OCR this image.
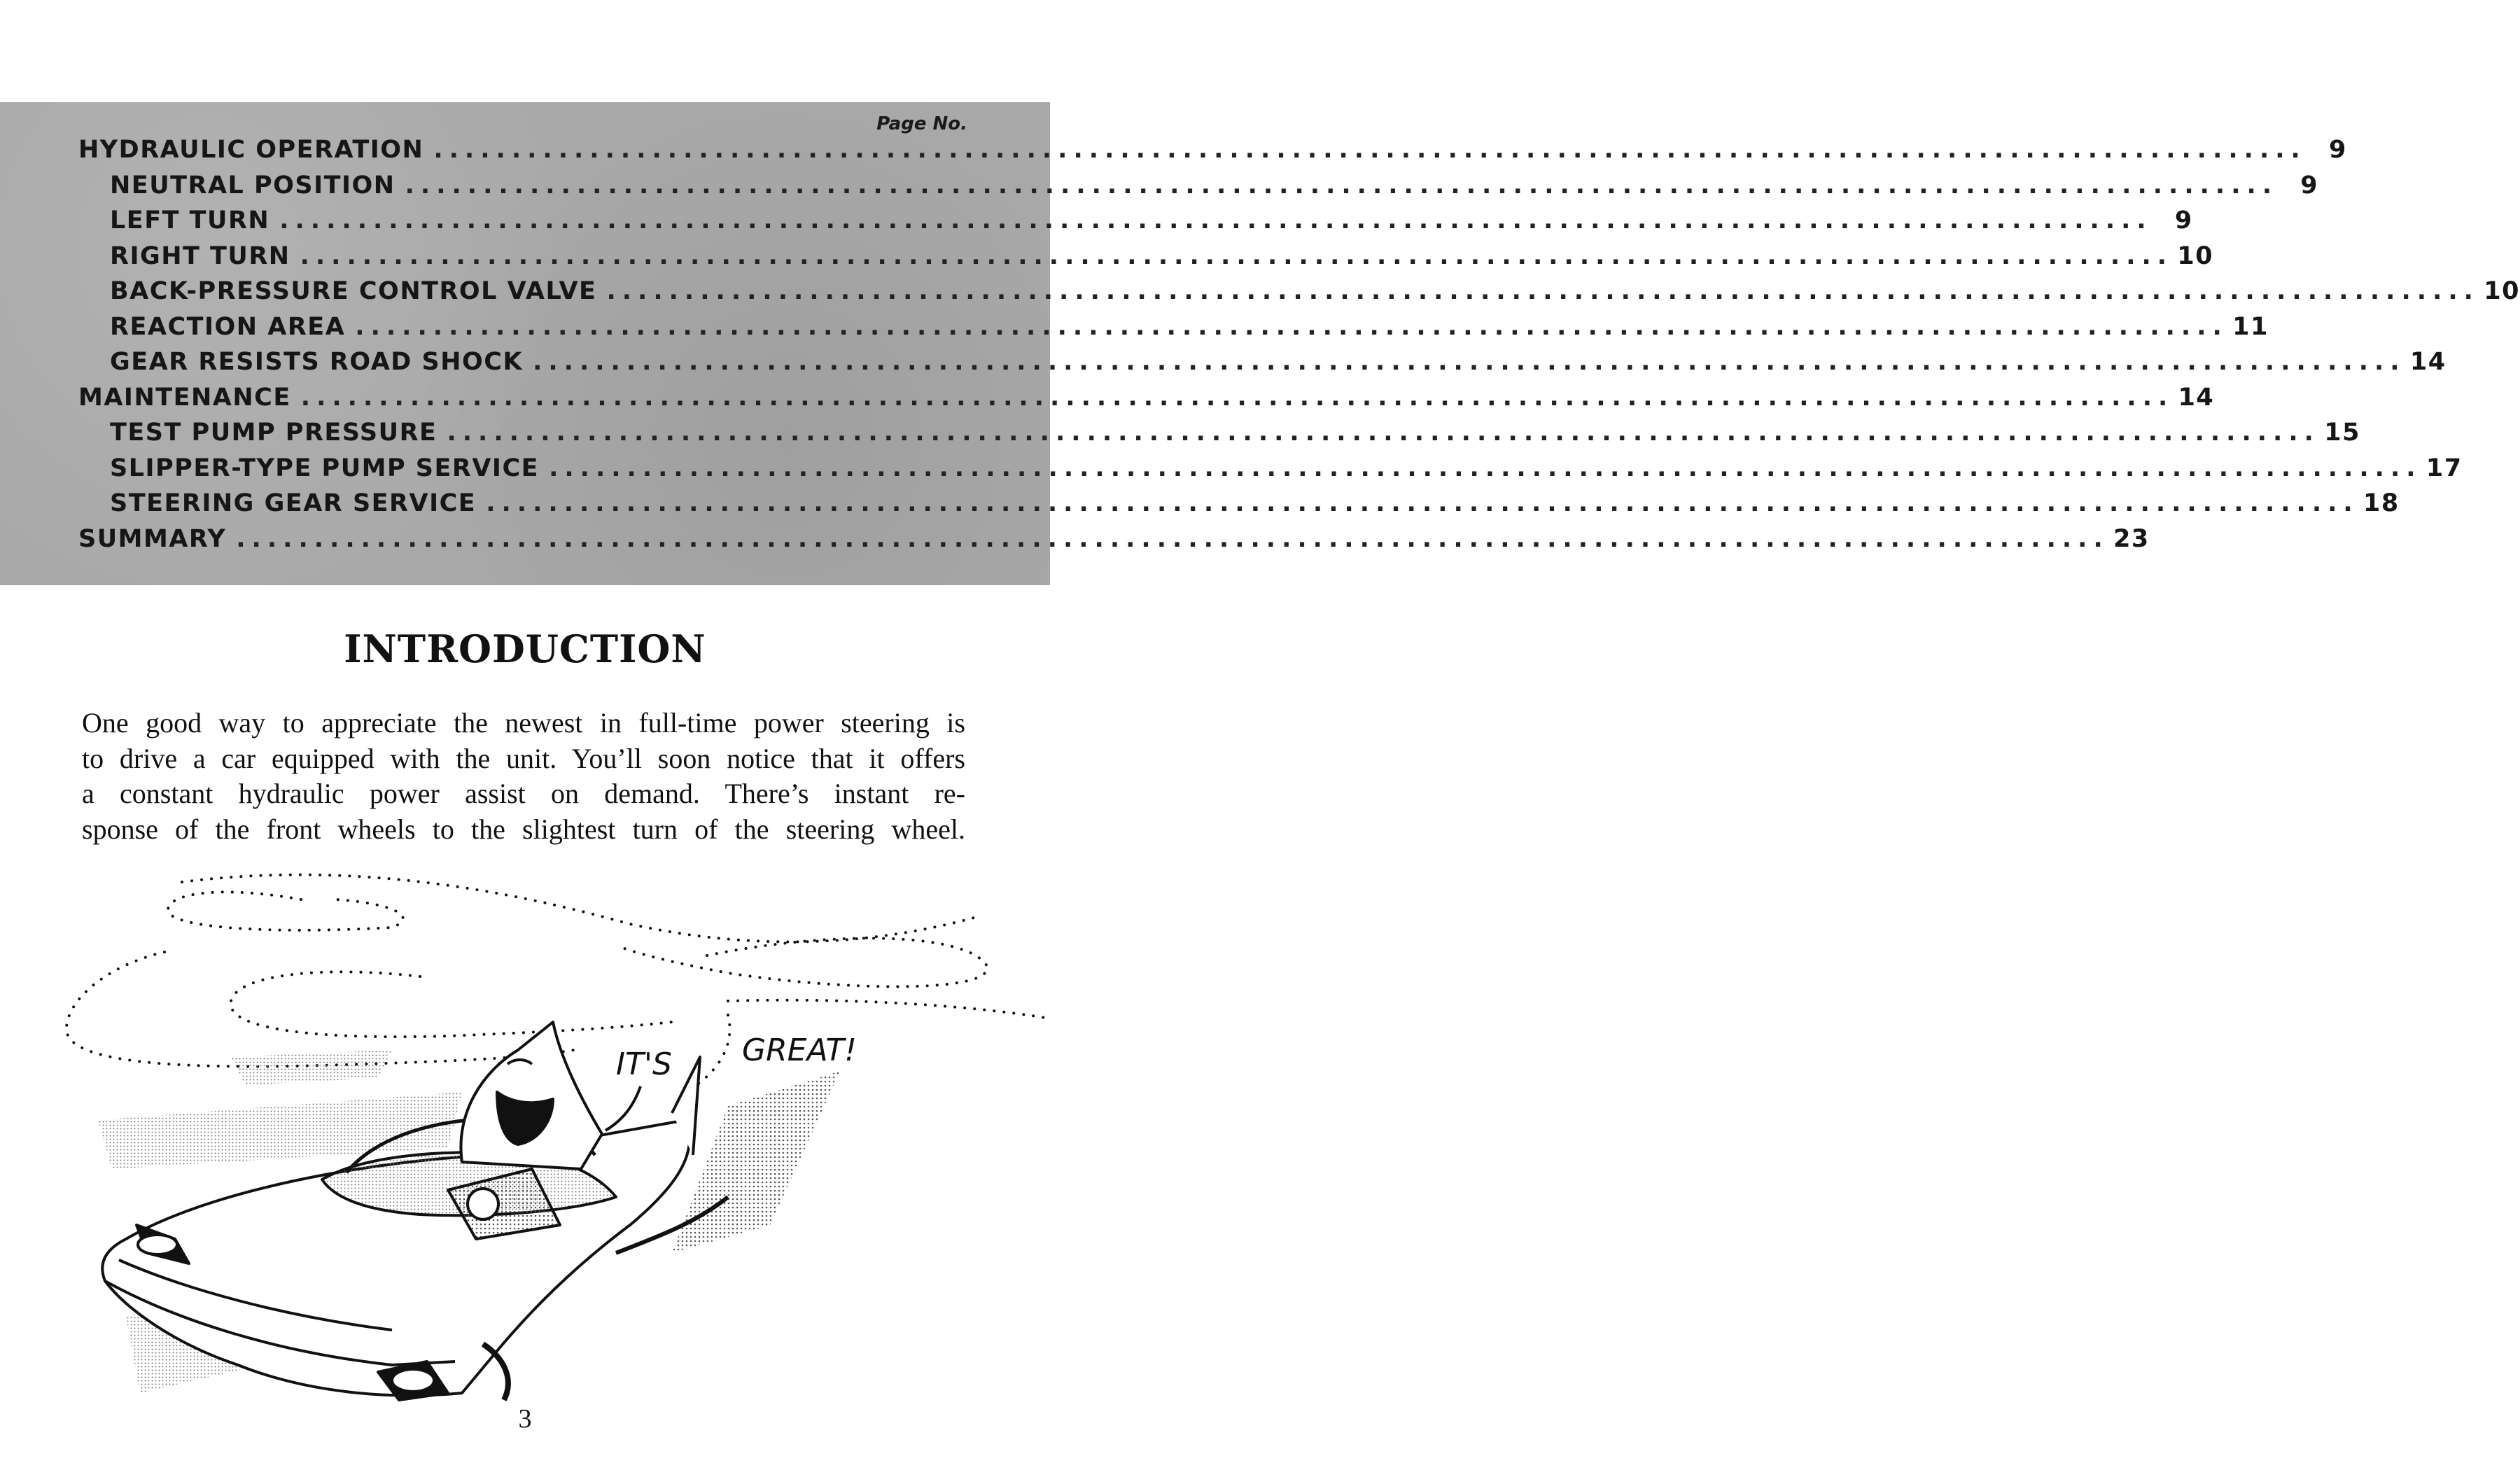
Page No.
HYDRAULIC OPERATION ........................................................................................................................ 9
NEUTRAL POSITION ........................................................................................................................ 9
LEFT TURN ........................................................................................................................ 9
RIGHT TURN ........................................................................................................................ 10
BACK-PRESSURE CONTROL VALVE ........................................................................................................................ 10
REACTION AREA ........................................................................................................................ 11
GEAR RESISTS ROAD SHOCK ........................................................................................................................ 14
MAINTENANCE ........................................................................................................................ 14
TEST PUMP PRESSURE ........................................................................................................................ 15
SLIPPER-TYPE PUMP SERVICE ........................................................................................................................ 17
STEERING GEAR SERVICE ........................................................................................................................ 18
SUMMARY ........................................................................................................................ 23
INTRODUCTION

One good way to appreciate the newest in full-time power steering is

to drive a car equipped with the unit. You’ll soon notice that it offers

a constant hydraulic power assist on demand. There’s instant re-

sponse of the front wheels to the slightest turn of the steering wheel.

IT'S GREAT!
3
